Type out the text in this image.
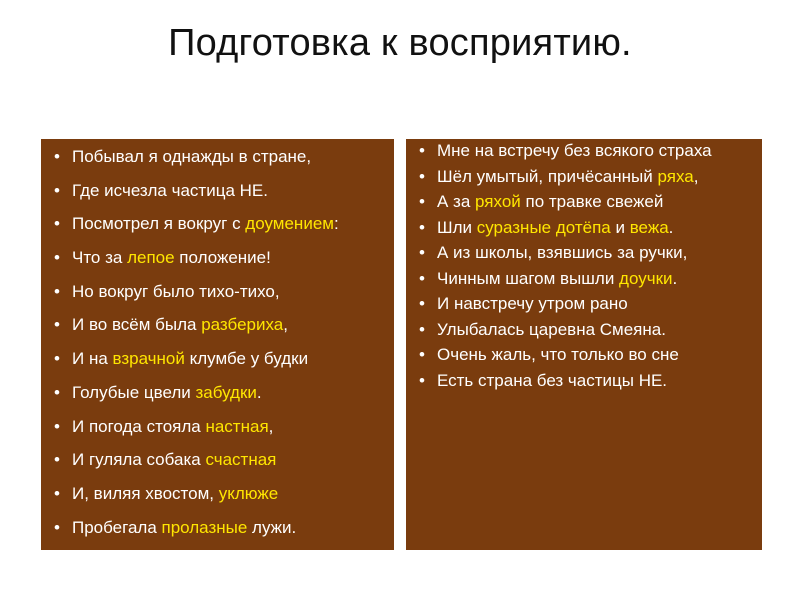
Подготовка к восприятию.
• Побывал я однажды в стране,
• Где исчезла частица НЕ.
• Посмотрел я вокруг с доумением:
• Что за лепое положение!
• Но вокруг было тихо-тихо,
• И во всём была разбериха,
• И на взрачной клумбе у будки
• Голубые цвели забудки.
• И погода стояла настная,
• И гуляла собака счастная
• И, виляя хвостом, уклюже
• Пробегала пролазные лужи.
• Мне на встречу без всякого страха
• Шёл умытый, причёсанный ряха,
• А за ряхой по травке свежей
• Шли суразные дотёпа и вежа.
• А из школы, взявшись за ручки,
• Чинным шагом вышли доучки.
• И навстречу утром рано
• Улыбалась царевна Смеяна.
• Очень жаль, что только во сне
• Есть страна без частицы НЕ.
